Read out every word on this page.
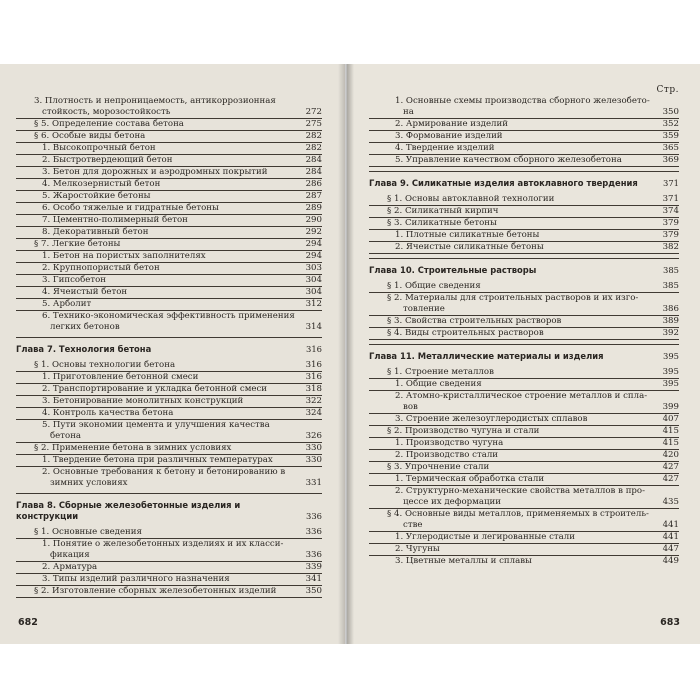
3. Плотность и непроницаемость, антикоррозионная
стойкость, морозостойкость	272
§ 5. Определение состава бетона	275
§ 6. Особые виды бетона	282
1. Высокопрочный бетон	282
2. Быстротвердеющий бетон	284
3. Бетон для дорожных и аэродромных покрытий	284
4. Мелкозернистый бетон	286
5. Жаростойкие бетоны	287
6. Особо тяжелые и гидратные бетоны	289
7. Цементно-полимерный бетон	290
8. Декоративный бетон	292
§ 7. Легкие бетоны	294
1. Бетон на пористых заполнителях	294
2. Крупнопористый бетон	303
3. Гипсобетон	304
4. Ячеистый бетон	304
5. Арболит	312
6. Технико-экономическая эффективность применения
легких бетонов	314
Глава 7. Технология бетона	316
§ 1. Основы технологии бетона	316
1. Приготовление бетонной смеси	316
2. Транспортирование и укладка бетонной смеси	318
3. Бетонирование монолитных конструкций	322
4. Контроль качества бетона	324
5. Пути экономии цемента и улучшения качества
бетона	326
§ 2. Применение бетона в зимних условиях	330
1. Твердение бетона при различных температурах	330
2. Основные требования к бетону и бетонированию в
зимних условиях	331
Глава 8. Сборные железобетонные изделия и конструкции	336
§ 1. Основные сведения	336
1. Понятие о железобетонных изделиях и их класси-
фикация	336
2. Арматура	339
3. Типы изделий различного назначения	341
§ 2. Изготовление сборных железобетонных изделий	350
682
Стр.
1. Основные схемы производства сборного железобето-
на	350
2. Армирование изделий	352
3. Формование изделий	359
4. Твердение изделий	365
5. Управление качеством сборного железобетона	369
Глава 9. Силикатные изделия автоклавного твердения	371
§ 1. Основы автоклавной технологии	371
§ 2. Силикатный кирпич	374
§ 3. Силикатные бетоны	379
1. Плотные силикатные бетоны	379
2. Ячеистые силикатные бетоны	382
Глава 10. Строительные растворы	385
§ 1. Общие сведения	385
§ 2. Материалы для строительных растворов и их изго-
товление	386
§ 3. Свойства строительных растворов	389
§ 4. Виды строительных растворов	392
Глава 11. Металлические материалы и изделия	395
§ 1. Строение металлов	395
1. Общие сведения	395
2. Атомно-кристаллическое строение металлов и спла-
вов	399
3. Строение железоуглеродистых сплавов	407
§ 2. Производство чугуна и стали	415
1. Производство чугуна	415
2. Производство стали	420
§ 3. Упрочнение стали	427
1. Термическая обработка стали	427
2. Структурно-механические свойства металлов в про-
цессе их деформации	435
§ 4. Основные виды металлов, применяемых в строитель-
стве	441
1. Углеродистые и легированные стали	441
2. Чугуны	447
3. Цветные металлы и сплавы	449
683
